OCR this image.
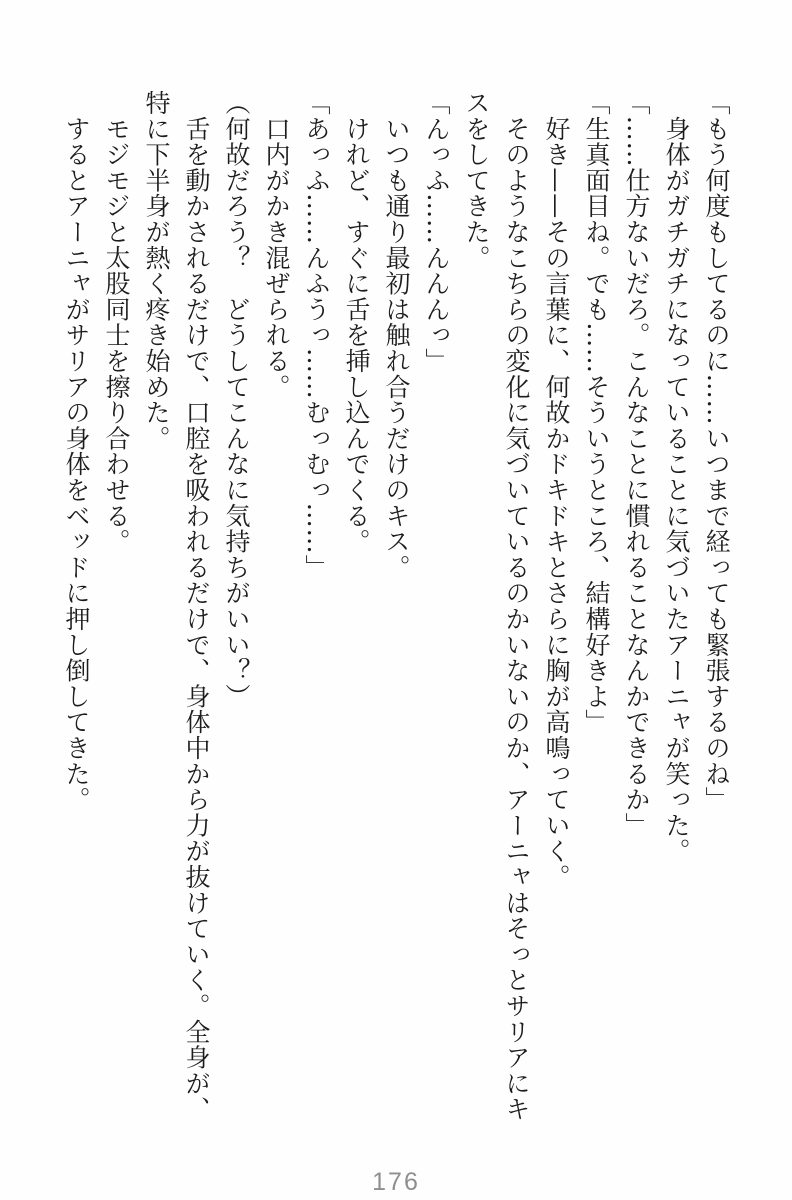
「もう何度もしてるのに……いつまで経っても緊張するのね」

　身体がガチガチになっていることに気づいたアーニャが笑った。

「……仕方ないだろ。こんなことに慣れることなんかできるか」

「生真面目ね。でも……そういうところ、結構好きよ」

　好き——その言葉に、何故かドキドキとさらに胸が高鳴っていく。

　そのようなこちらの変化に気づいているのかいないのか、アーニャはそっとサリアにキ

スをしてきた。

「んっふ……んんんっ」

　いつも通り最初は触れ合うだけのキス。

　けれど、すぐに舌を挿し込んでくる。

「あっふ……んふうっ……むっむっ……」

　口内がかき混ぜられる。

（何故だろう？　どうしてこんなに気持ちがいい？）

　舌を動かされるだけで、口腔を吸われるだけで、身体中から力が抜けていく。全身が、

特に下半身が熱く疼き始めた。

　モジモジと太股同士を擦り合わせる。

　するとアーニャがサリアの身体をベッドに押し倒してきた。

176
